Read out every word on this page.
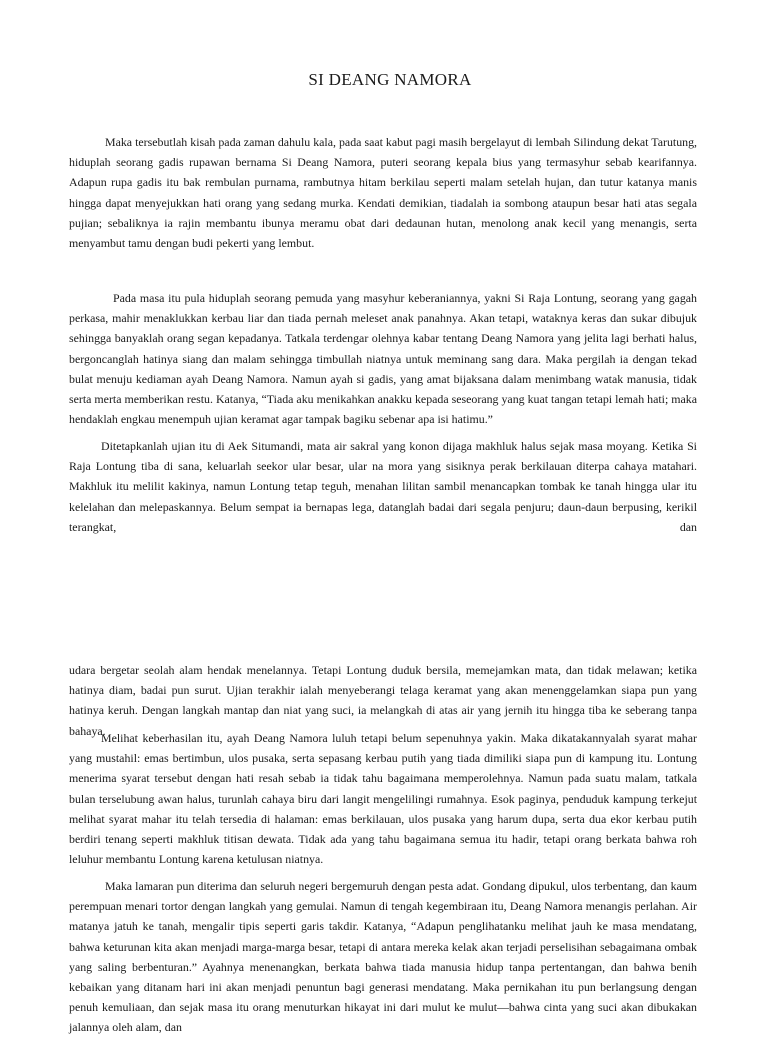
SI DEANG NAMORA

Maka tersebutlah kisah pada zaman dahulu kala, pada saat kabut pagi masih bergelayut di lembah Silindung dekat Tarutung, hiduplah seorang gadis rupawan bernama Si Deang Namora, puteri seorang kepala bius yang termasyhur sebab kearifannya. Adapun rupa gadis itu bak rembulan purnama, rambutnya hitam berkilau seperti malam setelah hujan, dan tutur katanya manis hingga dapat menyejukkan hati orang yang sedang murka. Kendati demikian, tiadalah ia sombong ataupun besar hati atas segala pujian; sebaliknya ia rajin membantu ibunya meramu obat dari dedaunan hutan, menolong anak kecil yang menangis, serta menyambut tamu dengan budi pekerti yang lembut.

Pada masa itu pula hiduplah seorang pemuda yang masyhur keberaniannya, yakni Si Raja Lontung, seorang yang gagah perkasa, mahir menaklukkan kerbau liar dan tiada pernah meleset anak panahnya. Akan tetapi, wataknya keras dan sukar dibujuk sehingga banyaklah orang segan kepadanya. Tatkala terdengar olehnya kabar tentang Deang Namora yang jelita lagi berhati halus, bergoncanglah hatinya siang dan malam sehingga timbullah niatnya untuk meminang sang dara. Maka pergilah ia dengan tekad bulat menuju kediaman ayah Deang Namora. Namun ayah si gadis, yang amat bijaksana dalam menimbang watak manusia, tidak serta merta memberikan restu. Katanya, “Tiada aku menikahkan anakku kepada seseorang yang kuat tangan tetapi lemah hati; maka hendaklah engkau menempuh ujian keramat agar tampak bagiku sebenar apa isi hatimu.”

Ditetapkanlah ujian itu di Aek Situmandi, mata air sakral yang konon dijaga makhluk halus sejak masa moyang. Ketika Si Raja Lontung tiba di sana, keluarlah seekor ular besar, ular na mora yang sisiknya perak berkilauan diterpa cahaya matahari. Makhluk itu melilit kakinya, namun Lontung tetap teguh, menahan lilitan sambil menancapkan tombak ke tanah hingga ular itu kelelahan dan melepaskannya. Belum sempat ia bernapas lega, datanglah badai dari segala penjuru; daun-daun berpusing, kerikil terangkat, dan

udara bergetar seolah alam hendak menelannya. Tetapi Lontung duduk bersila, memejamkan mata, dan tidak melawan; ketika hatinya diam, badai pun surut. Ujian terakhir ialah menyeberangi telaga keramat yang akan menenggelamkan siapa pun yang hatinya keruh. Dengan langkah mantap dan niat yang suci, ia melangkah di atas air yang jernih itu hingga tiba ke seberang tanpa bahaya.

Melihat keberhasilan itu, ayah Deang Namora luluh tetapi belum sepenuhnya yakin. Maka dikatakannyalah syarat mahar yang mustahil: emas bertimbun, ulos pusaka, serta sepasang kerbau putih yang tiada dimiliki siapa pun di kampung itu. Lontung menerima syarat tersebut dengan hati resah sebab ia tidak tahu bagaimana memperolehnya. Namun pada suatu malam, tatkala bulan terselubung awan halus, turunlah cahaya biru dari langit mengelilingi rumahnya. Esok paginya, penduduk kampung terkejut melihat syarat mahar itu telah tersedia di halaman: emas berkilauan, ulos pusaka yang harum dupa, serta dua ekor kerbau putih berdiri tenang seperti makhluk titisan dewata. Tidak ada yang tahu bagaimana semua itu hadir, tetapi orang berkata bahwa roh leluhur membantu Lontung karena ketulusan niatnya.

Maka lamaran pun diterima dan seluruh negeri bergemuruh dengan pesta adat. Gondang dipukul, ulos terbentang, dan kaum perempuan menari tortor dengan langkah yang gemulai. Namun di tengah kegembiraan itu, Deang Namora menangis perlahan. Air matanya jatuh ke tanah, mengalir tipis seperti garis takdir. Katanya, “Adapun penglihatanku melihat jauh ke masa mendatang, bahwa keturunan kita akan menjadi marga-marga besar, tetapi di antara mereka kelak akan terjadi perselisihan sebagaimana ombak yang saling berbenturan.” Ayahnya menenangkan, berkata bahwa tiada manusia hidup tanpa pertentangan, dan bahwa benih kebaikan yang ditanam hari ini akan menjadi penuntun bagi generasi mendatang. Maka pernikahan itu pun berlangsung dengan penuh kemuliaan, dan sejak masa itu orang menuturkan hikayat ini dari mulut ke mulut—bahwa cinta yang suci akan dibukakan jalannya oleh alam, dan
